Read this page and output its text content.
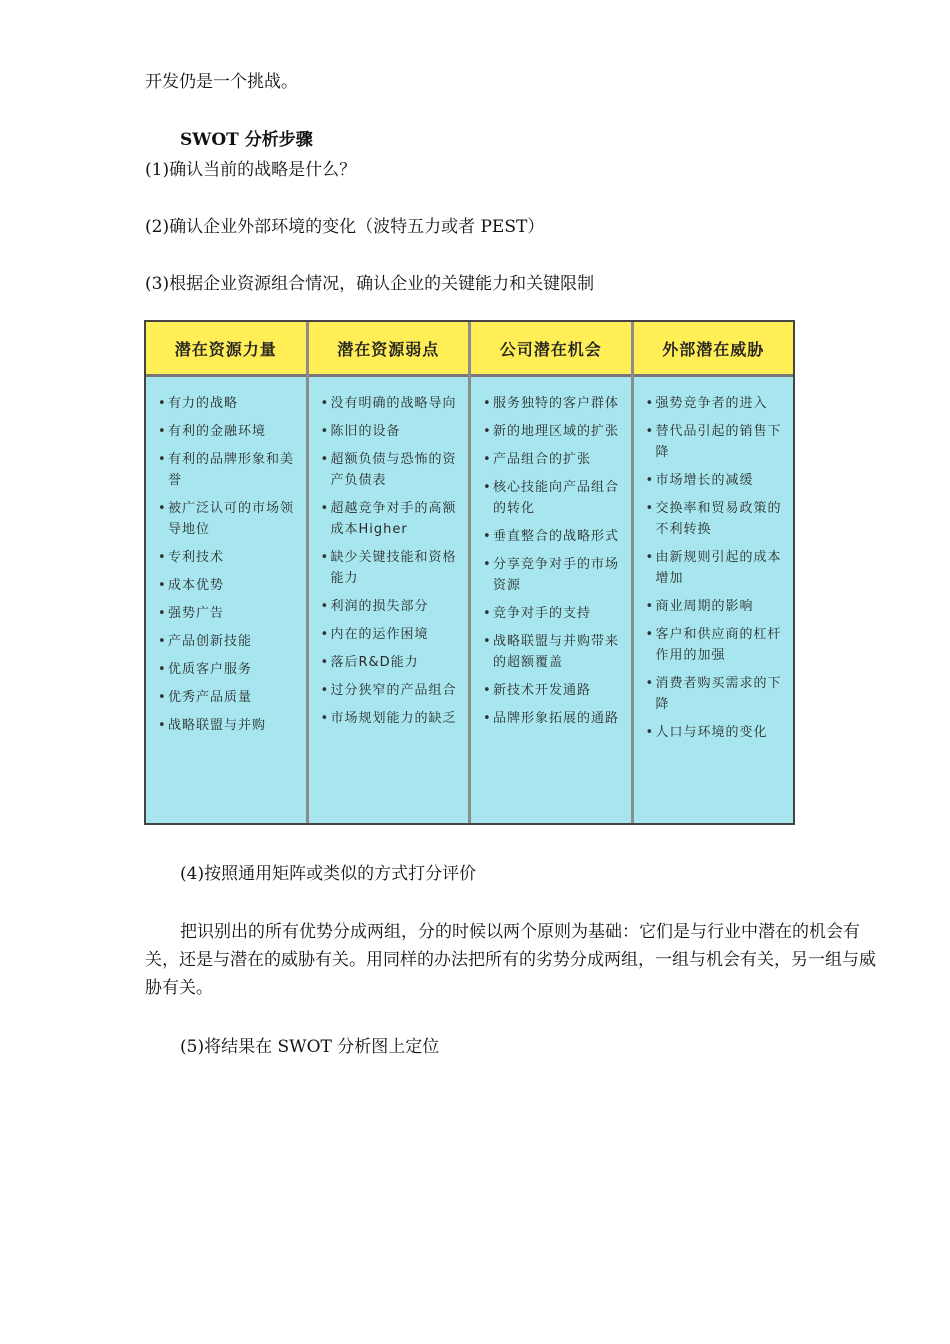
开发仍是一个挑战。
SWOT 分析步骤
(1)确认当前的战略是什么？
(2)确认企业外部环境的变化（波特五力或者 PEST）
(3)根据企业资源组合情况，确认企业的关键能力和关键限制
潜在资源力量
• 有力的战略
• 有利的金融环境
• 有利的品牌形象和美誉
• 被广泛认可的市场领导地位
• 专利技术
• 成本优势
• 强势广告
• 产品创新技能
• 优质客户服务
• 优秀产品质量
• 战略联盟与并购
潜在资源弱点
• 没有明确的战略导向
• 陈旧的设备
• 超额负债与恐怖的资产负债表
• 超越竞争对手的高额成本Higher
• 缺少关键技能和资格能力
• 利润的损失部分
• 内在的运作困境
• 落后R&D能力
• 过分狭窄的产品组合
• 市场规划能力的缺乏
公司潜在机会
• 服务独特的客户群体
• 新的地理区域的扩张
• 产品组合的扩张
• 核心技能向产品组合的转化
• 垂直整合的战略形式
• 分享竞争对手的市场资源
• 竞争对手的支持
• 战略联盟与并购带来的超额覆盖
• 新技术开发通路
• 品牌形象拓展的通路
外部潜在威胁
• 强势竞争者的进入
• 替代品引起的销售下降
• 市场增长的减缓
• 交换率和贸易政策的不利转换
• 由新规则引起的成本增加
• 商业周期的影响
• 客户和供应商的杠杆作用的加强
• 消费者购买需求的下降
• 人口与环境的变化
(4)按照通用矩阵或类似的方式打分评价
把识别出的所有优势分成两组，分的时候以两个原则为基础：它们是与行业中潜在的机会有关，还是与潜在的威胁有关。用同样的办法把所有的劣势分成两组，一组与机会有关，另一组与威胁有关。
(5)将结果在 SWOT 分析图上定位
